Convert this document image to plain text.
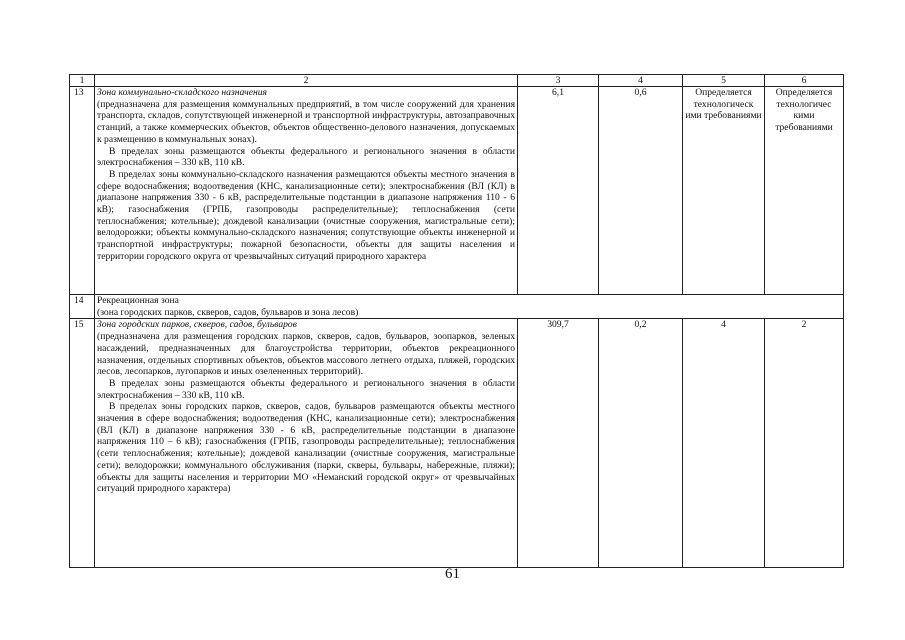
1	2	3	4	5	6
13	Зона коммунально-складского назначения

(предназначена для размещения коммунальных предприятий, в том числе сооружений для хранения транспорта, складов, сопутствующей инженерной и транспортной инфраструктуры, автозаправочных станций, а также коммерческих объектов, объектов общественно-делового назначения, допускаемых к размещению в коммунальных зонах).

В пределах зоны размещаются объекты федерального и регионального значения в области электроснабжения – 330 кВ, 110 кВ.

В пределах зоны коммунально-складского назначения размещаются объекты местного значения в сфере водоснабжения; водоотведения (КНС, канализационные сети); электроснабжения (ВЛ (КЛ) в диапазоне напряжения 330 - 6 кВ, распределительные подстанции в диапазоне напряжения 110 - 6 кВ); газоснабжения (ГРПБ, газопроводы распределительные); теплоснабжения (сети теплоснабжения; котельные); дождевой канализации (очистные сооружения, магистральные сети); велодорожки; объекты коммунально-складского назначения; сопутствующие объекты инженерной и транспортной инфраструктуры; пожарной безопасности, объекты для защиты населения и территории городского округа от чрезвычайных ситуаций природного характера	6,1	0,6	Определяется технологическ ими требованиями	Определяется технологичес кими требованиями
14	Рекреационная зона
(зона городских парков, скверов, садов, бульваров и зона лесов)				

15	Зона городских парков, скверов, садов, бульваров

(предназначена для размещения городских парков, скверов, садов, бульваров, зоопарков, зеленых насаждений, предназначенных для благоустройства территории, объектов рекреационного назначения, отдельных спортивных объектов, объектов массового летнего отдыха, пляжей, городских лесов, лесопарков, лугопарков и иных озелененных территорий).

В пределах зоны размещаются объекты федерального и регионального значения в области электроснабжения – 330 кВ, 110 кВ.

В пределах зоны городских парков, скверов, садов, бульваров размещаются объекты местного значения в сфере водоснабжения; водоотведения (КНС, канализационные сети); электроснабжения (ВЛ (КЛ) в диапазоне напряжения 330 - 6 кВ, распределительные подстанции в диапазоне напряжения 110 – 6 кВ); газоснабжения (ГРПБ, газопроводы распределительные); теплоснабжения (сети теплоснабжения; котельные); дождевой канализации (очистные сооружения, магистральные сети); велодорожки; коммунального обслуживания (парки, скверы, бульвары, набережные, пляжи); объекты для защиты населения и территории МО «Неманский городской округ» от чрезвычайных ситуаций природного характера)	309,7	0,2	4	2
61
